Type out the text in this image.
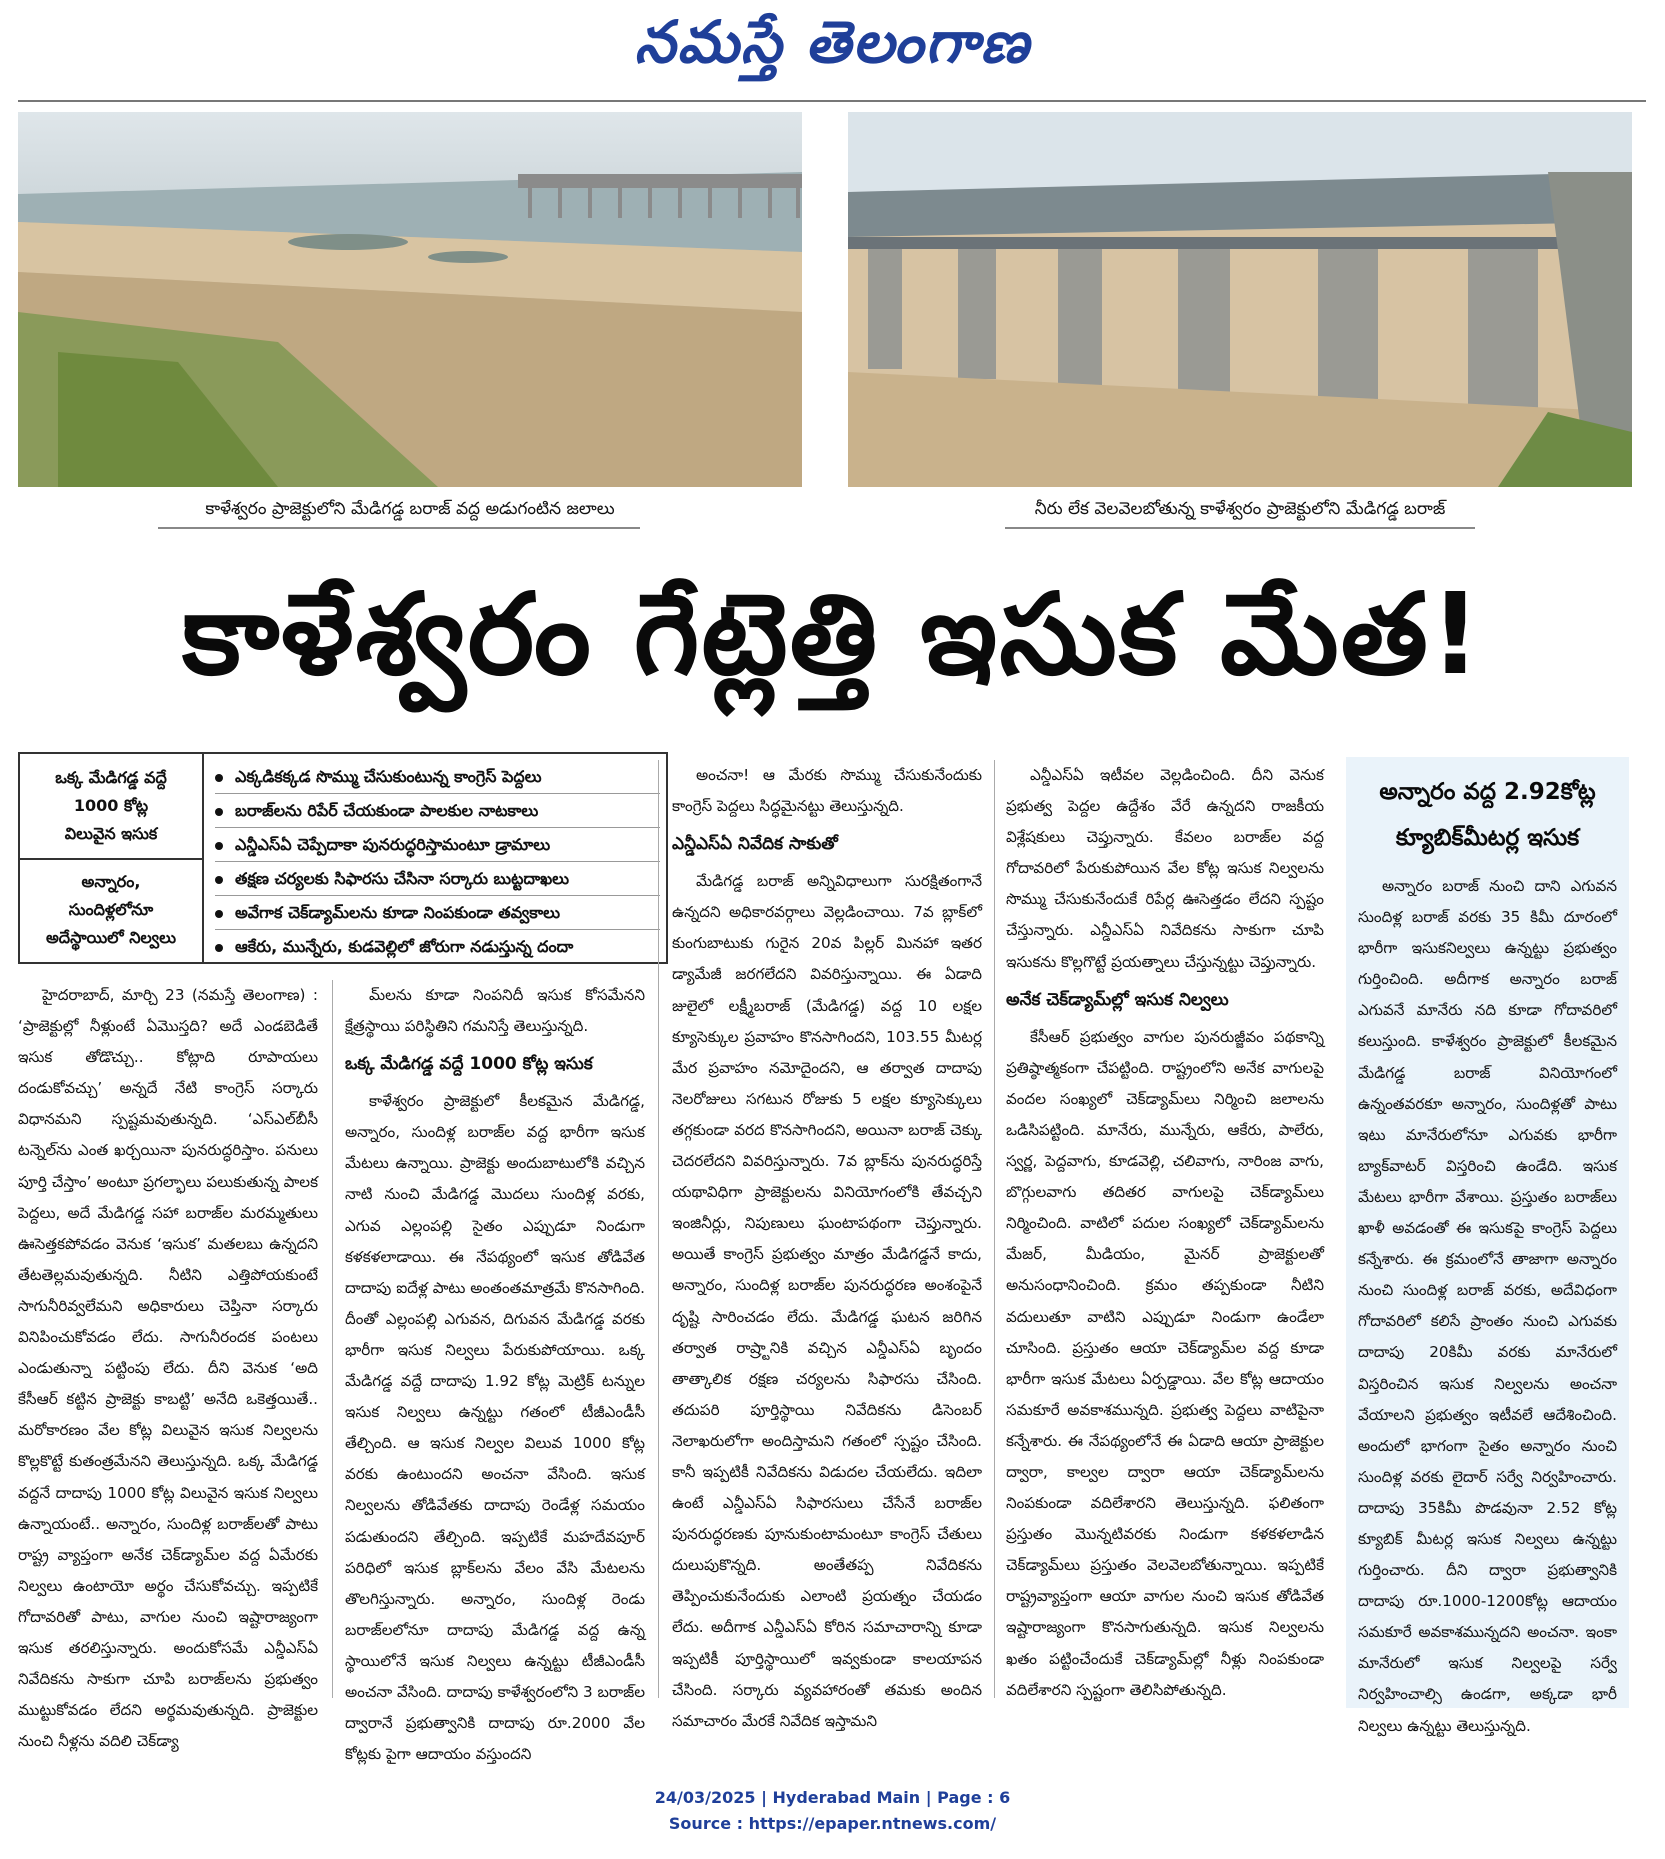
నమస్తే తెలంగాణ
కాళేశ్వరం ప్రాజెక్టులోని మేడిగడ్డ బరాజ్‌ వద్ద అడుగంటిన జలాలు	నీరు లేక వెలవెలబోతున్న కాళేశ్వరం ప్రాజెక్టులోని మేడిగడ్డ బరాజ్‌
కాళేశ్వరం గేట్లెత్తి ఇసుక మేత!
ఒక్క మేడిగడ్డ వద్దే
1000 కోట్ల
విలువైన ఇసుక
అన్నారం,
సుందిళ్లలోనూ
అదేస్థాయిలో నిల్వలు
ఎక్కడికక్కడ సొమ్ము చేసుకుంటున్న కాంగ్రెస్‌ పెద్దలు
బరాజ్‌లను రిపేర్‌ చేయకుండా పాలకుల నాటకాలు
ఎన్డీఎస్‌ఏ చెప్పేదాకా పునరుద్ధరిస్తామంటూ డ్రామాలు
తక్షణ చర్యలకు సిఫారసు చేసినా సర్కారు బుట్టదాఖలు
అవేగాక చెక్‌డ్యామ్‌లను కూడా నింపకుండా తవ్వకాలు
ఆకేరు, మున్నేరు, కుడవెల్లిలో జోరుగా నడుస్తున్న దందా

హైదరాబాద్‌, మార్చి 23 (నమస్తే తెలంగాణ) : ‘ప్రాజెక్టుల్లో నీళ్లుంటే ఏమొస్తది? అదే ఎండబెడితే ఇసుక తోడొచ్చు.. కోట్లాది రూపాయలు దండుకోవచ్చు’ అన్నదే నేటి కాంగ్రెస్‌ సర్కారు విధానమని స్పష్టమవుతున్నది. ‘ఎస్‌ఎల్‌బీసీ టన్నెల్‌ను ఎంత ఖర్చయినా పునరుద్ధరిస్తాం. పనులు పూర్తి చేస్తాం’ అంటూ ప్రగల్భాలు పలుకుతున్న పాలక పెద్దలు, అదే మేడిగడ్డ సహా బరాజ్‌ల మరమ్మతులు ఊసెత్తకపోవడం వెనుక ‘ఇసుక’ మతలబు ఉన్నదని తేటతెల్లమవుతున్నది. నీటిని ఎత్తిపోయకుంటే సాగునీరివ్వలేమని అధికారులు చెప్తినా సర్కారు వినిపించుకోవడం లేదు. సాగునీరందక పంటలు ఎండుతున్నా పట్టింపు లేదు. దీని వెనుక ‘అది కేసీఆర్‌ కట్టిన ప్రాజెక్టు కాబట్టి’ అనేది ఒకెత్తయితే.. మరోకారణం వేల కోట్ల విలువైన ఇసుక నిల్వలను కొల్లకొట్టే కుతంత్రమేనని తెలుస్తున్నది. ఒక్క మేడిగడ్డ వద్దనే దాదాపు 1000 కోట్ల విలువైన ఇసుక నిల్వలు ఉన్నాయంటే.. అన్నారం, సుందిళ్ల బరాజ్‌లతో పాటు రాష్ట్ర వ్యాప్తంగా అనేక చెక్‌డ్యామ్‌ల వద్ద ఏమేరకు నిల్వలు ఉంటాయో అర్థం చేసుకోవచ్చు. ఇప్పటికే గోదావరితో పాటు, వాగుల నుంచి ఇష్టారాజ్యంగా ఇసుక తరలిస్తున్నారు. అందుకోసమే ఎన్డీఎస్‌ఏ నివేదికను సాకుగా చూపి బరాజ్‌లను ప్రభుత్వం ముట్టుకోవడం లేదని అర్థమవుతున్నది. ప్రాజెక్టుల నుంచి నీళ్లను వదిలి చెక్‌డ్యా

మ్‌లను కూడా నింపనిదీ ఇసుక కోసమేనని క్షేత్రస్థాయి పరిస్థితిని గమనిస్తే తెలుస్తున్నది.

ఒక్క మేడిగడ్డ వద్దే 1000 కోట్ల ఇసుక

కాళేశ్వరం ప్రాజెక్టులో కీలకమైన మేడిగడ్డ, అన్నారం, సుందిళ్ల బరాజ్‌ల వద్ద భారీగా ఇసుక మేటలు ఉన్నాయి. ప్రాజెక్టు అందుబాటులోకి వచ్చిన నాటి నుంచి మేడిగడ్డ మొదలు సుందిళ్ల వరకు, ఎగువ ఎల్లంపల్లి సైతం ఎప్పుడూ నిండుగా కళకళలాడాయి. ఈ నేపథ్యంలో ఇసుక తోడివేత దాదాపు ఐదేళ్ల పాటు అంతంతమాత్రమే కొనసాగింది. దీంతో ఎల్లంపల్లి ఎగువన, దిగువన మేడిగడ్డ వరకు భారీగా ఇసుక నిల్వలు పేరుకుపోయాయి. ఒక్క మేడిగడ్డ వద్దే దాదాపు 1.92 కోట్ల మెట్రిక్‌ టన్నుల ఇసుక నిల్వలు ఉన్నట్టు గతంలో టీజీఎండీసీ తేల్చింది. ఆ ఇసుక నిల్వల విలువ 1000 కోట్ల వరకు ఉంటుందని అంచనా వేసింది. ఇసుక నిల్వలను తోడివేతకు దాదాపు రెండేళ్ల సమయం పడుతుందని తేల్చింది. ఇప్పటికే మహదేవపూర్‌ పరిధిలో ఇసుక బ్లాక్‌లను వేలం వేసి మేటలను తొలగిస్తున్నారు. అన్నారం, సుందిళ్ల రెండు బరాజ్‌లలోనూ దాదాపు మేడిగడ్డ వద్ద ఉన్న స్థాయిలోనే ఇసుక నిల్వలు ఉన్నట్టు టీజీఎండీసీ అంచనా వేసింది. దాదాపు కాళేశ్వరంలోని 3 బరాజ్‌ల ద్వారానే ప్రభుత్వానికి దాదాపు రూ.2000 వేల కోట్లకు పైగా ఆదాయం వస్తుందని

అంచనా! ఆ మేరకు సొమ్ము చేసుకునేందుకు కాంగ్రెస్‌ పెద్దలు సిద్ధమైనట్టు తెలుస్తున్నది.

ఎన్డీఎస్‌ఏ నివేదిక సాకుతో

మేడిగడ్డ బరాజ్‌ అన్నివిధాలుగా సురక్షితంగానే ఉన్నదని అధికారవర్గాలు వెల్లడించాయి. 7వ బ్లాక్‌లో కుంగుబాటుకు గురైన 20వ పిల్లర్‌ మినహా ఇతర డ్యామేజీ జరగలేదని వివరిస్తున్నాయి. ఈ ఏడాది జులైలో లక్ష్మీబరాజ్‌ (మేడిగడ్డ) వద్ద 10 లక్షల క్యూసెక్కుల ప్రవాహం కొనసాగిందని, 103.55 మీటర్ల మేర ప్రవాహం నమోదైందని, ఆ తర్వాత దాదాపు నెలరోజులు సగటున రోజుకు 5 లక్షల క్యూసెక్కులు తగ్గకుండా వరద కొనసాగిందని, అయినా బరాజ్‌ చెక్కు చెదరలేదని వివరిస్తున్నారు. 7వ బ్లాక్‌ను పునరుద్ధరిస్తే యథావిధిగా ప్రాజెక్టులను వినియోగంలోకి తేవచ్చని ఇంజినీర్లు, నిపుణులు ఘంటాపథంగా చెప్తున్నారు. అయితే కాంగ్రెస్‌ ప్రభుత్వం మాత్రం మేడిగడ్డనే కాదు, అన్నారం, సుందిళ్ల బరాజ్‌ల పునరుద్ధరణ అంశంపైనే దృష్టి సారించడం లేదు. మేడిగడ్డ ఘటన జరిగిన తర్వాత రాష్ర్టానికి వచ్చిన ఎన్డీఎస్‌ఏ బృందం తాత్కాలిక రక్షణ చర్యలను సిఫారసు చేసింది. తదుపరి పూర్తిస్థాయి నివేదికను డిసెంబర్‌ నెలాఖరులోగా అందిస్తామని గతంలో స్పష్టం చేసింది. కానీ ఇప్పటికీ నివేదికను విడుదల చేయలేదు. ఇదిలా ఉంటే ఎన్డీఎస్‌ఏ సిఫారసులు చేసేనే బరాజ్‌ల పునరుద్ధరణకు పూనుకుంటామంటూ కాంగ్రెస్‌ చేతులు దులుపుకొన్నది. అంతేతప్ప నివేదికను తెప్పించుకునేందుకు ఎలాంటి ప్రయత్నం చేయడం లేదు. అదీగాక ఎన్డీఎస్‌ఏ కోరిన సమాచారాన్ని కూడా ఇప్పటికీ పూర్తిస్థాయిలో ఇవ్వకుండా కాలయాపన చేసింది. సర్కారు వ్యవహారంతో తమకు అందిన సమాచారం మేరకే నివేదిక ఇస్తామని

ఎన్డీఎస్‌ఏ ఇటీవల వెల్లడించింది. దీని వెనుక ప్రభుత్వ పెద్దల ఉద్దేశం వేరే ఉన్నదని రాజకీయ విశ్లేషకులు చెప్తున్నారు. కేవలం బరాజ్‌ల వద్ద గోదావరిలో పేరుకుపోయిన వేల కోట్ల ఇసుక నిల్వలను సొమ్ము చేసుకునేందుకే రిపేర్ల ఊసెత్తడం లేదని స్పష్టం చేస్తున్నారు. ఎన్డీఎస్‌ఏ నివేదికను సాకుగా చూపి ఇసుకను కొల్లగొట్టే ప్రయత్నాలు చేస్తున్నట్టు చెప్తున్నారు.

అనేక చెక్‌డ్యామ్‌ల్లో ఇసుక నిల్వలు

కేసీఆర్‌ ప్రభుత్వం వాగుల పునరుజ్జీవం పథకాన్ని ప్రతిష్ఠాత్మకంగా చేపట్టింది. రాష్ట్రంలోని అనేక వాగులపై వందల సంఖ్యలో చెక్‌డ్యామ్‌లు నిర్మించి జలాలను ఒడిసిపట్టింది. మానేరు, మున్నేరు, ఆకేరు, పాలేరు, స్వర్ణ, పెద్దవాగు, కూడవెల్లి, చలివాగు, నారింజ వాగు, బొగ్గులవాగు తదితర వాగులపై చెక్‌డ్యామ్‌లు నిర్మించింది. వాటిలో పదుల సంఖ్యలో చెక్‌డ్యామ్‌లను మేజర్‌, మీడియం, మైనర్‌ ప్రాజెక్టులతో అనుసంధానించింది. క్రమం తప్పకుండా నీటిని వదులుతూ వాటిని ఎప్పుడూ నిండుగా ఉండేలా చూసింది. ప్రస్తుతం ఆయా చెక్‌డ్యామ్‌ల వద్ద కూడా భారీగా ఇసుక మేటలు ఏర్పడ్డాయి. వేల కోట్ల ఆదాయం సమకూరే అవకాశమున్నది. ప్రభుత్వ పెద్దలు వాటిపైనా కన్నేశారు. ఈ నేపథ్యంలోనే ఈ ఏడాది ఆయా ప్రాజెక్టుల ద్వారా, కాల్వల ద్వారా ఆయా చెక్‌డ్యామ్‌లను నింపకుండా వదిలేశారని తెలుస్తున్నది. ఫలితంగా ప్రస్తుతం మొన్నటివరకు నిండుగా కళకళలాడిన చెక్‌డ్యామ్‌లు ప్రస్తుతం వెలవెలబోతున్నాయి. ఇప్పటికే రాష్ట్రవ్యాప్తంగా ఆయా వాగుల నుంచి ఇసుక తోడివేత ఇష్టారాజ్యంగా కొనసాగుతున్నది. ఇసుక నిల్వలను ఖతం పట్టించేందుకే చెక్‌డ్యామ్‌ల్లో నీళ్లు నింపకుండా వదిలేశారని స్పష్టంగా తెలిసిపోతున్నది.

అన్నారం వద్ద 2.92కోట్ల క్యూబిక్‌మీటర్ల ఇసుక

అన్నారం బరాజ్‌ నుంచి దాని ఎగువన సుందిళ్ల బరాజ్‌ వరకు 35 కిమీ దూరంలో భారీగా ఇసుకనిల్వలు ఉన్నట్టు ప్రభుత్వం గుర్తించింది. అదీగాక అన్నారం బరాజ్‌ ఎగువనే మానేరు నది కూడా గోదావరిలో కలుస్తుంది. కాళేశ్వరం ప్రాజెక్టులో కీలకమైన మేడిగడ్డ బరాజ్‌ వినియోగంలో ఉన్నంతవరకూ అన్నారం, సుందిళ్లతో పాటు ఇటు మానేరులోనూ ఎగువకు భారీగా బ్యాక్‌వాటర్‌ విస్తరించి ఉండేది. ఇసుక మేటలు భారీగా వేశాయి. ప్రస్తుతం బరాజ్‌లు ఖాళీ అవడంతో ఈ ఇసుకపై కాంగ్రెస్‌ పెద్దలు కన్నేశారు. ఈ క్రమంలోనే తాజాగా అన్నారం నుంచి సుందిళ్ల బరాజ్‌ వరకు, అదేవిధంగా గోదావరిలో కలిసే ప్రాంతం నుంచి ఎగువకు దాదాపు 20కిమీ వరకు మానేరులో విస్తరించిన ఇసుక నిల్వలను అంచనా వేయాలని ప్రభుత్వం ఇటీవలే ఆదేశించింది. అందులో భాగంగా సైతం అన్నారం నుంచి సుందిళ్ల వరకు లైదార్‌ సర్వే నిర్వహించారు. దాదాపు 35కిమీ పొడవునా 2.52 కోట్ల క్యూబిక్‌ మీటర్ల ఇసుక నిల్వలు ఉన్నట్టు గుర్తించారు. దీని ద్వారా ప్రభుత్వానికి దాదాపు రూ.1000-1200కోట్ల ఆదాయం సమకూరే అవకాశమున్నదని అంచనా. ఇంకా మానేరులో ఇసుక నిల్వలపై సర్వే నిర్వహించాల్సి ఉండగా, అక్కడా భారీ నిల్వలు ఉన్నట్టు తెలుస్తున్నది.

24/03/2025 | Hyderabad Main | Page : 6
Source : https://epaper.ntnews.com/
